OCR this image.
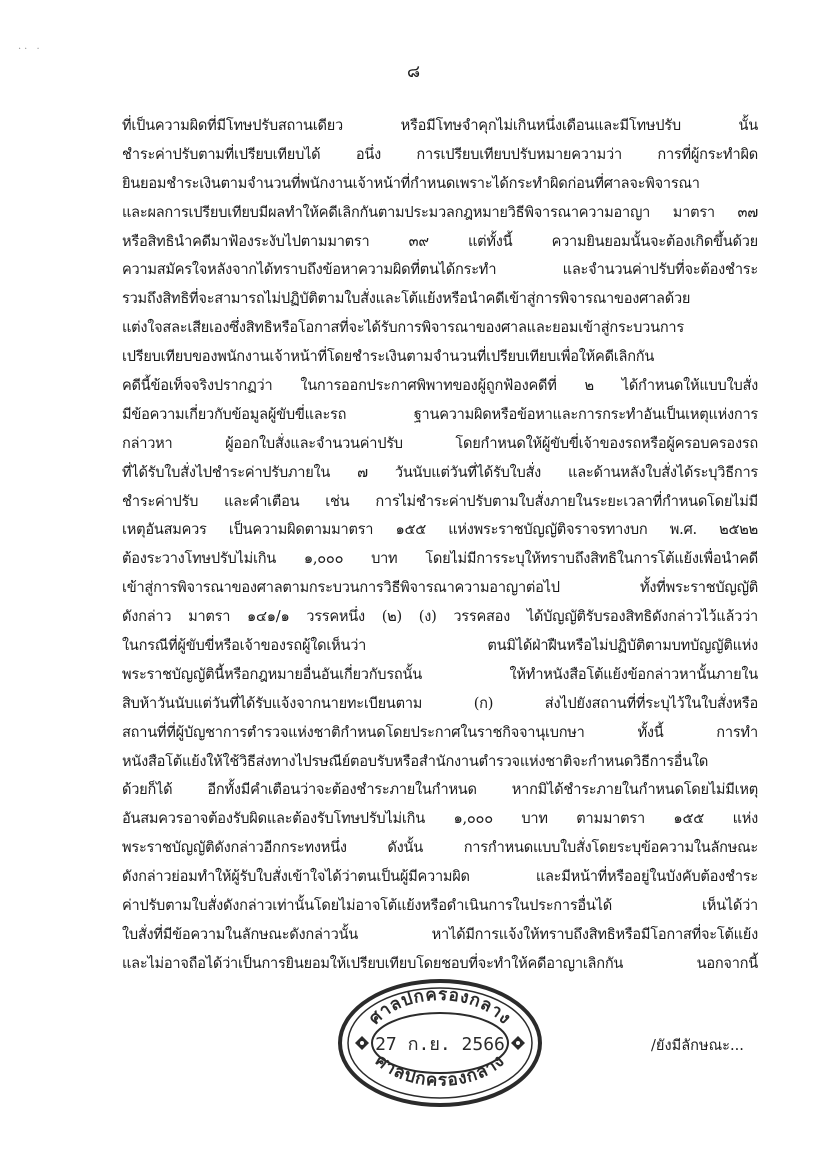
·· ·
๘
ที่เป็นความผิดที่มีโทษปรับสถานเดียว หรือมีโทษจำคุกไม่เกินหนึ่งเดือนและมีโทษปรับ นั้น
ชำระค่าปรับตามที่เปรียบเทียบได้ อนึ่ง การเปรียบเทียบปรับหมายความว่า การที่ผู้กระทำผิด
ยินยอมชำระเงินตามจำนวนที่พนักงานเจ้าหน้าที่กำหนดเพราะได้กระทำผิดก่อนที่ศาลจะพิจารณา
และผลการเปรียบเทียบมีผลทำให้คดีเลิกกันตามประมวลกฎหมายวิธีพิจารณาความอาญา มาตรา ๓๗
หรือสิทธินำคดีมาฟ้องระงับไปตามมาตรา ๓๙ แต่ทั้งนี้ ความยินยอมนั้นจะต้องเกิดขึ้นด้วย
ความสมัครใจหลังจากได้ทราบถึงข้อหาความผิดที่ตนได้กระทำ และจำนวนค่าปรับที่จะต้องชำระ
รวมถึงสิทธิที่จะสามารถไม่ปฏิบัติตามใบสั่งและโต้แย้งหรือนำคดีเข้าสู่การพิจารณาของศาลด้วย
แต่งใจสละเสียเองซึ่งสิทธิหรือโอกาสที่จะได้รับการพิจารณาของศาลและยอมเข้าสู่กระบวนการ
เปรียบเทียบของพนักงานเจ้าหน้าที่โดยชำระเงินตามจำนวนที่เปรียบเทียบเพื่อให้คดีเลิกกัน
คดีนี้ข้อเท็จจริงปรากฏว่า ในการออกประกาศพิพาทของผู้ถูกฟ้องคดีที่ ๒ ได้กำหนดให้แบบใบสั่ง
มีข้อความเกี่ยวกับข้อมูลผู้ขับขี่และรถ ฐานความผิดหรือข้อหาและการกระทำอันเป็นเหตุแห่งการ
กล่าวหา ผู้ออกใบสั่งและจำนวนค่าปรับ โดยกำหนดให้ผู้ขับขี่เจ้าของรถหรือผู้ครอบครองรถ
ที่ได้รับใบสั่งไปชำระค่าปรับภายใน ๗ วันนับแต่วันที่ได้รับใบสั่ง และด้านหลังใบสั่งได้ระบุวิธีการ
ชำระค่าปรับ และคำเตือน เช่น การไม่ชำระค่าปรับตามใบสั่งภายในระยะเวลาที่กำหนดโดยไม่มี
เหตุอันสมควร เป็นความผิดตามมาตรา ๑๕๕ แห่งพระราชบัญญัติจราจรทางบก พ.ศ. ๒๕๒๒
ต้องระวางโทษปรับไม่เกิน ๑,๐๐๐ บาท โดยไม่มีการระบุให้ทราบถึงสิทธิในการโต้แย้งเพื่อนำคดี
เข้าสู่การพิจารณาของศาลตามกระบวนการวิธีพิจารณาความอาญาต่อไป ทั้งที่พระราชบัญญัติ
ดังกล่าว มาตรา ๑๔๑/๑ วรรคหนึ่ง (๒) (ง) วรรคสอง ได้บัญญัติรับรองสิทธิดังกล่าวไว้แล้วว่า
ในกรณีที่ผู้ขับขี่หรือเจ้าของรถผู้ใดเห็นว่า ตนมิได้ฝ่าฝืนหรือไม่ปฏิบัติตามบทบัญญัติแห่ง
พระราชบัญญัตินี้หรือกฎหมายอื่นอันเกี่ยวกับรถนั้น ให้ทำหนังสือโต้แย้งข้อกล่าวหานั้นภายใน
สิบห้าวันนับแต่วันที่ได้รับแจ้งจากนายทะเบียนตาม (ก) ส่งไปยังสถานที่ที่ระบุไว้ในใบสั่งหรือ
สถานที่ที่ผู้บัญชาการตำรวจแห่งชาติกำหนดโดยประกาศในราชกิจจานุเบกษา ทั้งนี้ การทำ
หนังสือโต้แย้งให้ใช้วิธีส่งทางไปรษณีย์ตอบรับหรือสำนักงานตำรวจแห่งชาติจะกำหนดวิธีการอื่นใด
ด้วยก็ได้ อีกทั้งมีคำเตือนว่าจะต้องชำระภายในกำหนด หากมิได้ชำระภายในกำหนดโดยไม่มีเหตุ
อันสมควรอาจต้องรับผิดและต้องรับโทษปรับไม่เกิน ๑,๐๐๐ บาท ตามมาตรา ๑๕๕ แห่ง
พระราชบัญญัติดังกล่าวอีกกระทงหนึ่ง ดังนั้น การกำหนดแบบใบสั่งโดยระบุข้อความในลักษณะ
ดังกล่าวย่อมทำให้ผู้รับใบสั่งเข้าใจได้ว่าตนเป็นผู้มีความผิด และมีหน้าที่หรืออยู่ในบังคับต้องชำระ
ค่าปรับตามใบสั่งดังกล่าวเท่านั้นโดยไม่อาจโต้แย้งหรือดำเนินการในประการอื่นได้ เห็นได้ว่า
ใบสั่งที่มีข้อความในลักษณะดังกล่าวนั้น หาได้มีการแจ้งให้ทราบถึงสิทธิหรือมีโอกาสที่จะโต้แย้ง
และไม่อาจถือได้ว่าเป็นการยินยอมให้เปรียบเทียบโดยชอบที่จะทำให้คดีอาญาเลิกกัน นอกจากนี้
ศาลปกครองกลาง
ศาลปกครองกลาง
27 ก.ย. 2566	/ยังมีลักษณะ...
